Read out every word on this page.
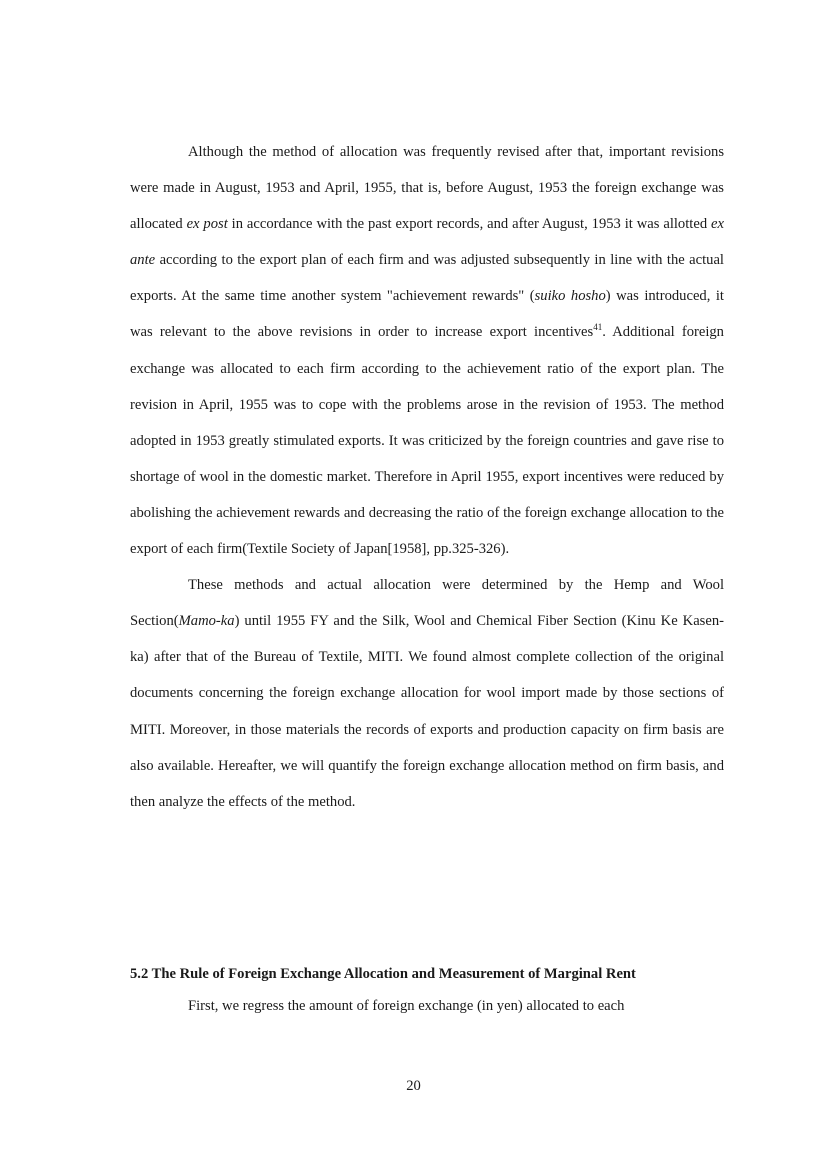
Although the method of allocation was frequently revised after that, important revisions were made in August, 1953 and April, 1955, that is, before August, 1953 the foreign exchange was allocated ex post in accordance with the past export records, and after August, 1953 it was allotted ex ante according to the export plan of each firm and was adjusted subsequently in line with the actual exports. At the same time another system "achievement rewards" (suiko hosho) was introduced, it was relevant to the above revisions in order to increase export incentives$^{41}$. Additional foreign exchange was allocated to each firm according to the achievement ratio of the export plan. The revision in April, 1955 was to cope with the problems arose in the revision of 1953. The method adopted in 1953 greatly stimulated exports. It was criticized by the foreign countries and gave rise to shortage of wool in the domestic market. Therefore in April 1955, export incentives were reduced by abolishing the achievement rewards and decreasing the ratio of the foreign exchange allocation to the export of each firm(Textile Society of Japan[1958], pp.325-326).

These methods and actual allocation were determined by the Hemp and Wool Section(Mamo-ka) until 1955 FY and the Silk, Wool and Chemical Fiber Section (Kinu Ke Kasen-ka) after that of the Bureau of Textile, MITI. We found almost complete collection of the original documents concerning the foreign exchange allocation for wool import made by those sections of MITI. Moreover, in those materials the records of exports and production capacity on firm basis are also available. Hereafter, we will quantify the foreign exchange allocation method on firm basis, and then analyze the effects of the method.

5.2 The Rule of Foreign Exchange Allocation and Measurement of Marginal Rent

First, we regress the amount of foreign exchange (in yen) allocated to each

20
